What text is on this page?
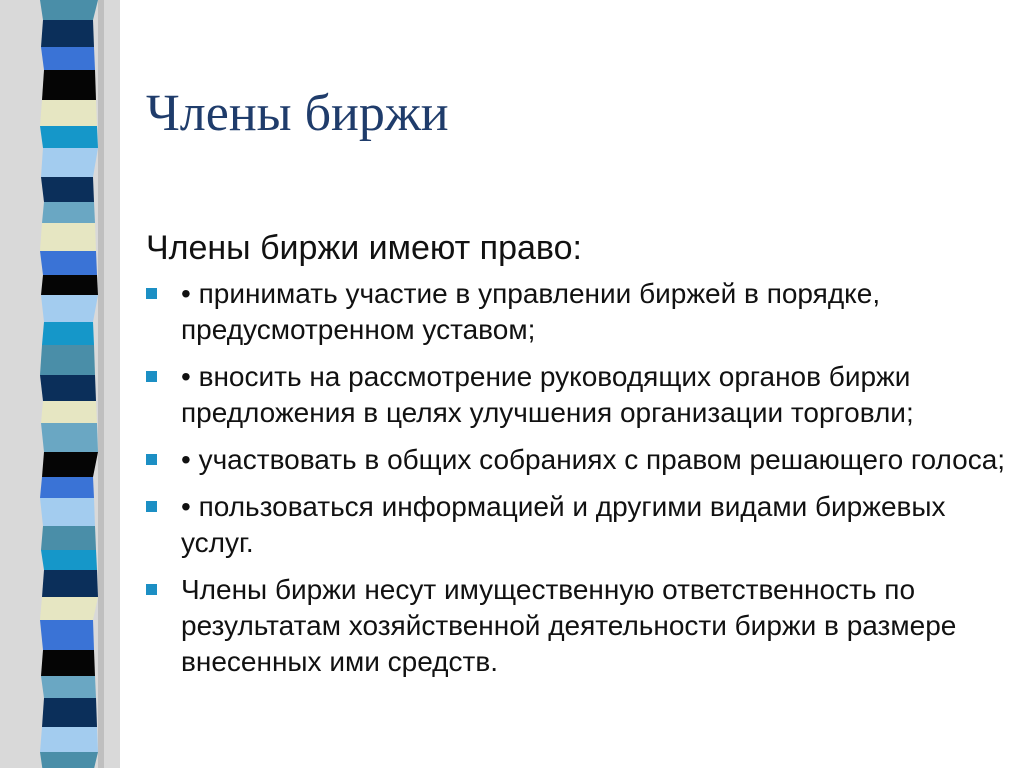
Члены биржи

Члены биржи имеют право:

• принимать участие в управлении биржей в порядке, предусмотренном уставом;
• вносить на рассмотрение руководящих органов биржи предложения в целях улучшения организации торговли;
• участвовать в общих собраниях с правом решающего голоса;
• пользоваться информацией и другими видами биржевых услуг.
Члены биржи несут имущественную ответственность по результатам хозяйственной деятельности биржи в размере внесенных ими средств.
